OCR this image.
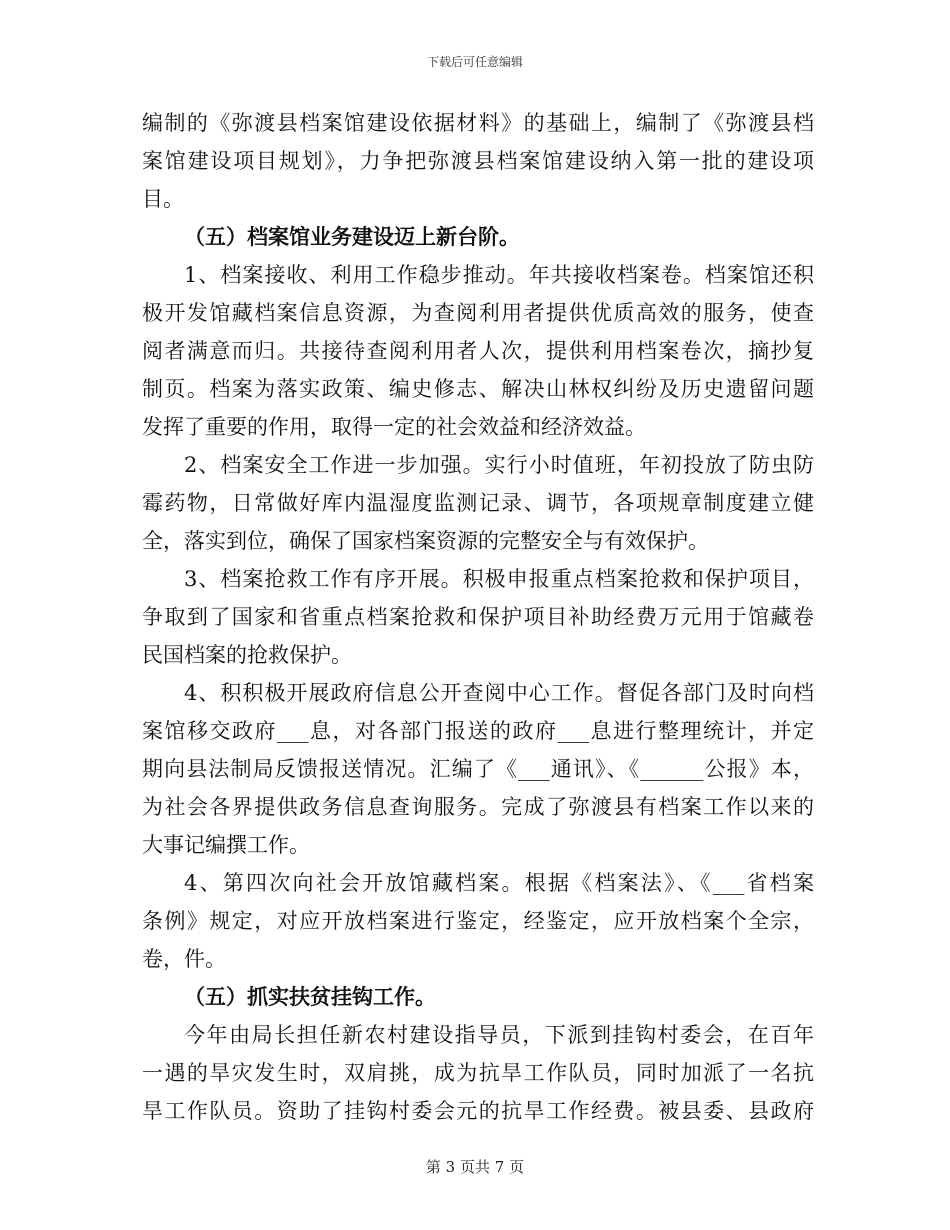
下载后可任意编辑
编制的《弥渡县档案馆建设依据材料》的基础上，编制了《弥渡县档
案馆建设项目规划》，力争把弥渡县档案馆建设纳入第一批的建设项
目。
（五）档案馆业务建设迈上新台阶。
1、档案接收、利用工作稳步推动。年共接收档案卷。档案馆还积
极开发馆藏档案信息资源，为查阅利用者提供优质高效的服务，使查
阅者满意而归。共接待查阅利用者人次，提供利用档案卷次，摘抄复
制页。档案为落实政策、编史修志、解决山林权纠纷及历史遗留问题
发挥了重要的作用，取得一定的社会效益和经济效益。
2、档案安全工作进一步加强。实行小时值班，年初投放了防虫防
霉药物，日常做好库内温湿度监测记录、调节，各项规章制度建立健
全，落实到位，确保了国家档案资源的完整安全与有效保护。
3、档案抢救工作有序开展。积极申报重点档案抢救和保护项目，
争取到了国家和省重点档案抢救和保护项目补助经费万元用于馆藏卷
民国档案的抢救保护。
4、积积极开展政府信息公开查阅中心工作。督促各部门及时向档
案馆移交政府___息，对各部门报送的政府___息进行整理统计，并定
期向县法制局反馈报送情况。汇编了《___通讯》、《______公报》本，
为社会各界提供政务信息查询服务。完成了弥渡县有档案工作以来的
大事记编撰工作。
4、第四次向社会开放馆藏档案。根据《档案法》、《___省档案
条例》规定，对应开放档案进行鉴定，经鉴定，应开放档案个全宗，
卷，件。
（五）抓实扶贫挂钩工作。
今年由局长担任新农村建设指导员，下派到挂钩村委会，在百年
一遇的旱灾发生时，双肩挑，成为抗旱工作队员，同时加派了一名抗
旱工作队员。资助了挂钩村委会元的抗旱工作经费。被县委、县政府
第 3 页共 7 页
